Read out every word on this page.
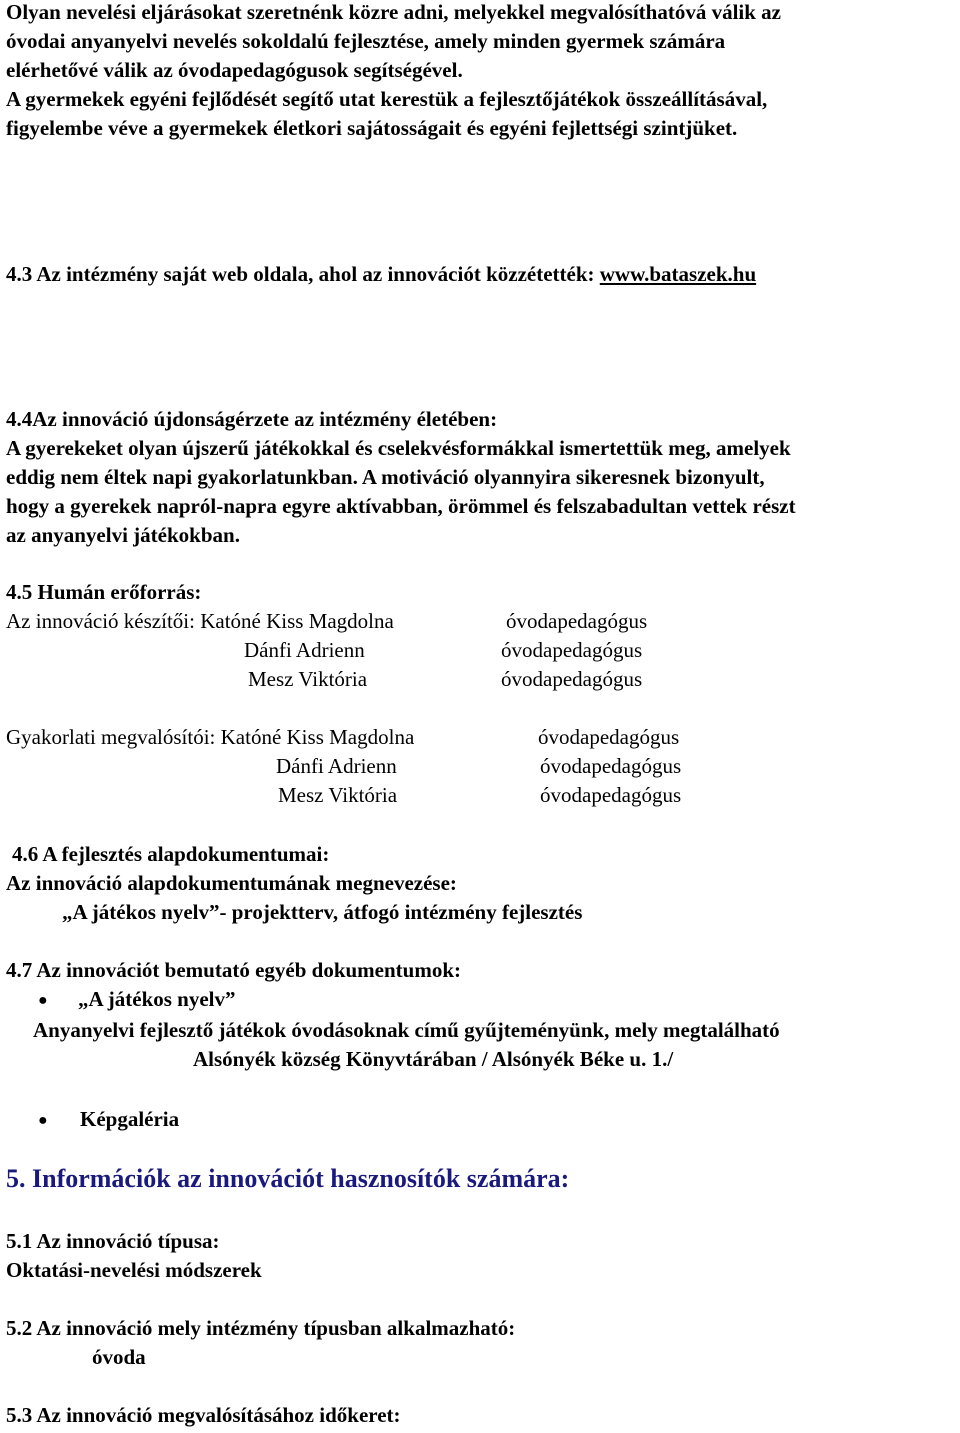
Olyan nevelési eljárásokat szeretnénk közre adni, melyekkel megvalósíthatóvá válik az
óvodai anyanyelvi nevelés sokoldalú fejlesztése, amely minden gyermek számára
elérhetővé válik az óvodapedagógusok segítségével.
A gyermekek egyéni fejlődését segítő utat kerestük a fejlesztőjátékok összeállításával,
figyelembe véve a gyermekek életkori sajátosságait és egyéni fejlettségi szintjüket.
4.3 Az intézmény saját web oldala, ahol az innovációt közzétették: www.bataszek.hu
4.4Az innováció újdonságérzete az intézmény életében:
A gyerekeket olyan újszerű játékokkal és cselekvésformákkal ismertettük meg, amelyek
eddig nem éltek napi gyakorlatunkban. A motiváció olyannyira sikeresnek bizonyult,
hogy a gyerekek napról-napra egyre aktívabban, örömmel és felszabadultan vettek részt
az anyanyelvi játékokban.
4.5 Humán erőforrás:
Az innováció készítői: Katóné Kiss Magdolna	óvodapedagógus
Dánfi Adrienn	óvodapedagógus
Mesz Viktória	óvodapedagógus
Gyakorlati megvalósítói: Katóné Kiss Magdolna	óvodapedagógus
Dánfi Adrienn	óvodapedagógus
Mesz Viktória	óvodapedagógus
4.6 A fejlesztés alapdokumentumai:
Az innováció alapdokumentumának megnevezése:
„A játékos nyelv”- projektterv, átfogó intézmény fejlesztés
4.7 Az innovációt bemutató egyéb dokumentumok:
● „A játékos nyelv”
Anyanyelvi fejlesztő játékok óvodásoknak című gyűjteményünk, mely megtalálható
Alsónyék község Könyvtárában / Alsónyék Béke u. 1./
● Képgaléria
5. Információk az innovációt hasznosítók számára:
5.1 Az innováció típusa:
Oktatási-nevelési módszerek
5.2 Az innováció mely intézmény típusban alkalmazható:
óvoda
5.3 Az innováció megvalósításához időkeret:
